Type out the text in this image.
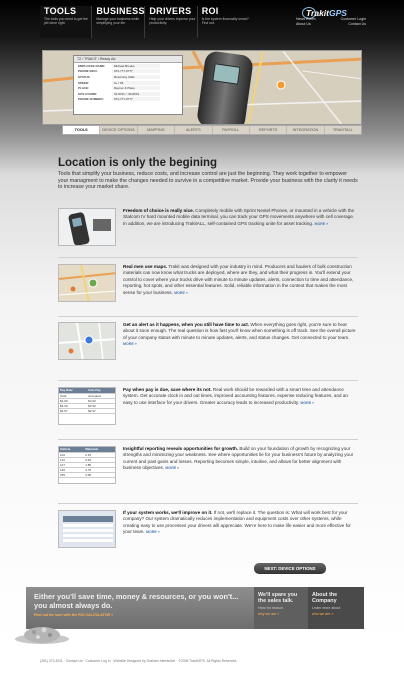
TOOLS
The tools you need to get the job done right.
BUSINESS
Manage your business while simplifying your life.
DRIVERS
Help your drivers improve your productivity.
ROI
Is the system financially smart? Find out.
TrakitGPS
News Room	Customer Login
About Us	Contact Us
T2 / TRAKIT / Ready Ad
EMPLOYEE NAME:	Michael Brooks
PHONE INFO:	972-777-0777
STATUS:	Returning Calls
SPEED:	0+ / 35
PLACE:	Rayner & Place
GPS COORD:	32.8721 / -96.8001
PHONE NUMBER:	972-777-0777
TOOLS	DEVICE OPTIONS	MAPPING	ALERTS	PAYROLL	REPORTS	INTEGRATION	TRAKITALL
Location is only the begining

Tools that simplify your business, reduce costs, and increase control are just the beginning. They work together to empower your managment to make the changes needed to survive in a competitive market. Provide your business with the clarity it needs to increase your market share.

Freedom of choice is really nice. Completely mobile with Sprint Nextel Phones, or mounted in a vehicle with the Statcom IV hard mounted mobile data terminal, you can track your GPS movements anywhere with cell coverage. In addition, we are introducing TrakitALL, self-contained GPS tracking unite for asset tracking. MORE »
Real men use maps. Trakit was designed with your industry in mind. Producers and haulers of bulk construction materials can now know what trucks are deployed, where are they, and what their progress is. You'll extend your control to cover where your trucks drive with minute to minute updates, alerts, connection to time and attendance, reporting, hot spots, and other essential features. Solid, reliable information in the context that makes the most sense for your business. MORE »
Get an alert as it happens, when you still have time to act. When everything goes right, you're sure to hear about it soon enough. The real question is how fast you'll know when something is off track. See the overall picture of your company status with minute to minute updates, alerts, and status changes. Get connected to your team. MORE »
Pay Rate	Calc Pay
Total	Accepted
$4.00	$4.00
$3.30	$3.30
$2.97	$2.97
Pay when pay is due, save where its not. Real work should be rewarded with a smart time and attendance system. Get accurate clock in and out times, improved accounting features, expense reducing features, and an easy to use interface for your drivers. Greater accuracy leads to increased productivity. MORE »
Vehicle	Materials
102	2.15
114	3.40
127	1.85
140	2.70
155	3.05
Insightful reporting reveals opportunities for growth. Build on your foundation of growth by recognizing your strengths and minimizing your weakness. See where opportunities lie for your business's future by analyzing your current and past gains and losses. Reporting becomes simple, intuitive, and allows for better alignment with business objectives. MORE »
If your system works, we'll improve on it. If not, we'll replace it. The question is: What will work best for your company? Our system dramatically reduces implementation and equipment costs over other systems, while creating easy to use processes your drivers will appreciate. We're here to make life easier and more effective for your team. MORE »
NEXT: DEVICE OPTIONS
Either you'll save time, money & resources, or you won't... you almost always do.
Find out for sure with the ROI CALCULATOR »
We'll spare you the sales talk.
Hear for reason
why we are »
About the Company
Learn more about
who we are »
(281) 372-8111 · Contact Us · Customer Log In · Website Designed by Graham Interactive · ©2008 TrakitGPS. All Rights Reserved.
